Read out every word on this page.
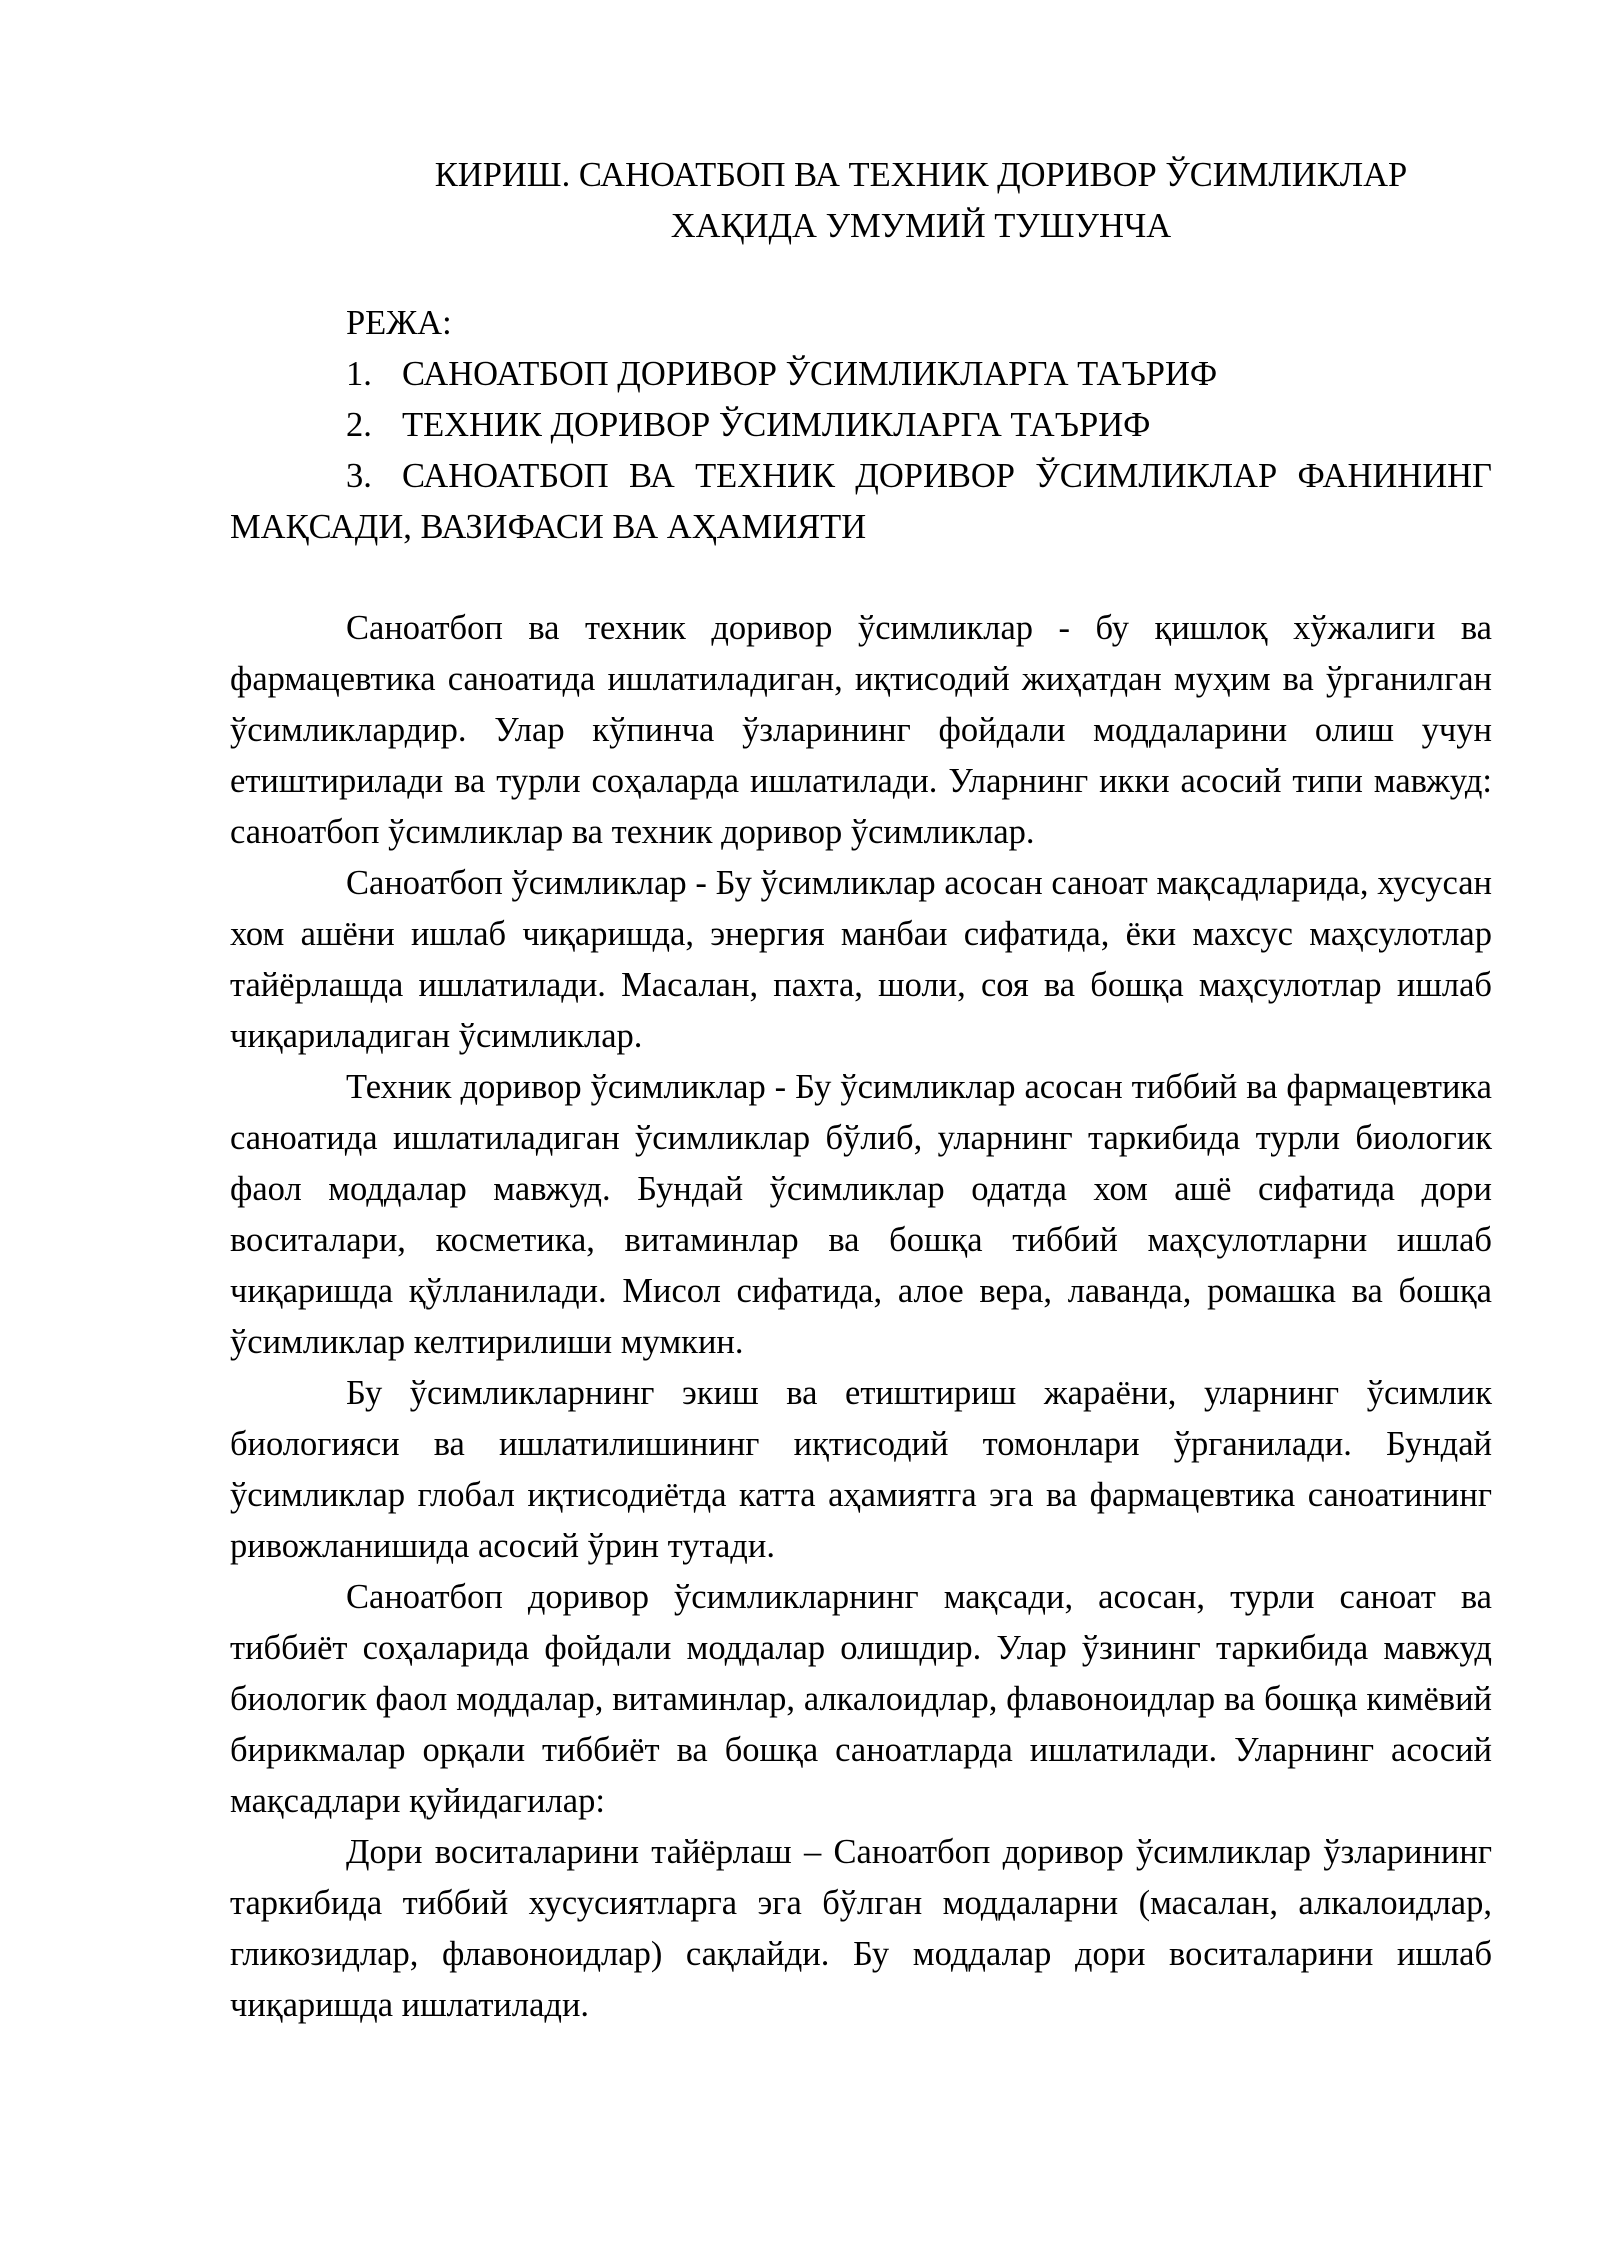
КИРИШ. САНОАТБОП ВА ТЕХНИК ДОРИВОР ЎСИМЛИКЛАР
ХАҚИДА УМУМИЙ ТУШУНЧА
РЕЖА:
1. САНОАТБОП ДОРИВОР ЎСИМЛИКЛАРГА ТАЪРИФ
2. ТЕХНИК ДОРИВОР ЎСИМЛИКЛАРГА ТАЪРИФ
3. САНОАТБОП ВА ТЕХНИК ДОРИВОР ЎСИМЛИКЛАР ФАНИНИНГ МАҚСАДИ, ВАЗИФАСИ ВА АҲАМИЯТИ

Саноатбоп ва техник доривор ўсимликлар - бу қишлоқ хўжалиги ва фармацевтика саноатида ишлатиладиган, иқтисодий жиҳатдан муҳим ва ўрганилган ўсимликлардир. Улар кўпинча ўзларининг фойдали моддаларини олиш учун етиштирилади ва турли соҳаларда ишлатилади. Уларнинг икки асосий типи мавжуд: саноатбоп ўсимликлар ва техник доривор ўсимликлар.

Саноатбоп ўсимликлар - Бу ўсимликлар асосан саноат мақсадларида, хусусан хом ашёни ишлаб чиқаришда, энергия манбаи сифатида, ёки махсус маҳсулотлар тайёрлашда ишлатилади. Масалан, пахта, шоли, соя ва бошқа маҳсулотлар ишлаб чиқариладиган ўсимликлар.

Техник доривор ўсимликлар - Бу ўсимликлар асосан тиббий ва фармацевтика саноатида ишлатиладиган ўсимликлар бўлиб, уларнинг таркибида турли биологик фаол моддалар мавжуд. Бундай ўсимликлар одатда хом ашё сифатида дори воситалари, косметика, витаминлар ва бошқа тиббий маҳсулотларни ишлаб чиқаришда қўлланилади. Мисол сифатида, алое вера, лаванда, ромашка ва бошқа ўсимликлар келтирилиши мумкин.

Бу ўсимликларнинг экиш ва етиштириш жараёни, уларнинг ўсимлик биологияси ва ишлатилишининг иқтисодий томонлари ўрганилади. Бундай ўсимликлар глобал иқтисодиётда катта аҳамиятга эга ва фармацевтика саноатининг ривожланишида асосий ўрин тутади.

Саноатбоп доривор ўсимликларнинг мақсади, асосан, турли саноат ва тиббиёт соҳаларида фойдали моддалар олишдир. Улар ўзининг таркибида мавжуд биологик фаол моддалар, витаминлар, алкалоидлар, флавоноидлар ва бошқа кимёвий бирикмалар орқали тиббиёт ва бошқа саноатларда ишлатилади. Уларнинг асосий мақсадлари қуйидагилар:

Дори воситаларини тайёрлаш – Саноатбоп доривор ўсимликлар ўзларининг таркибида тиббий хусусиятларга эга бўлган моддаларни (масалан, алкалоидлар, гликозидлар, флавоноидлар) сақлайди. Бу моддалар дори воситаларини ишлаб чиқаришда ишлатилади.
